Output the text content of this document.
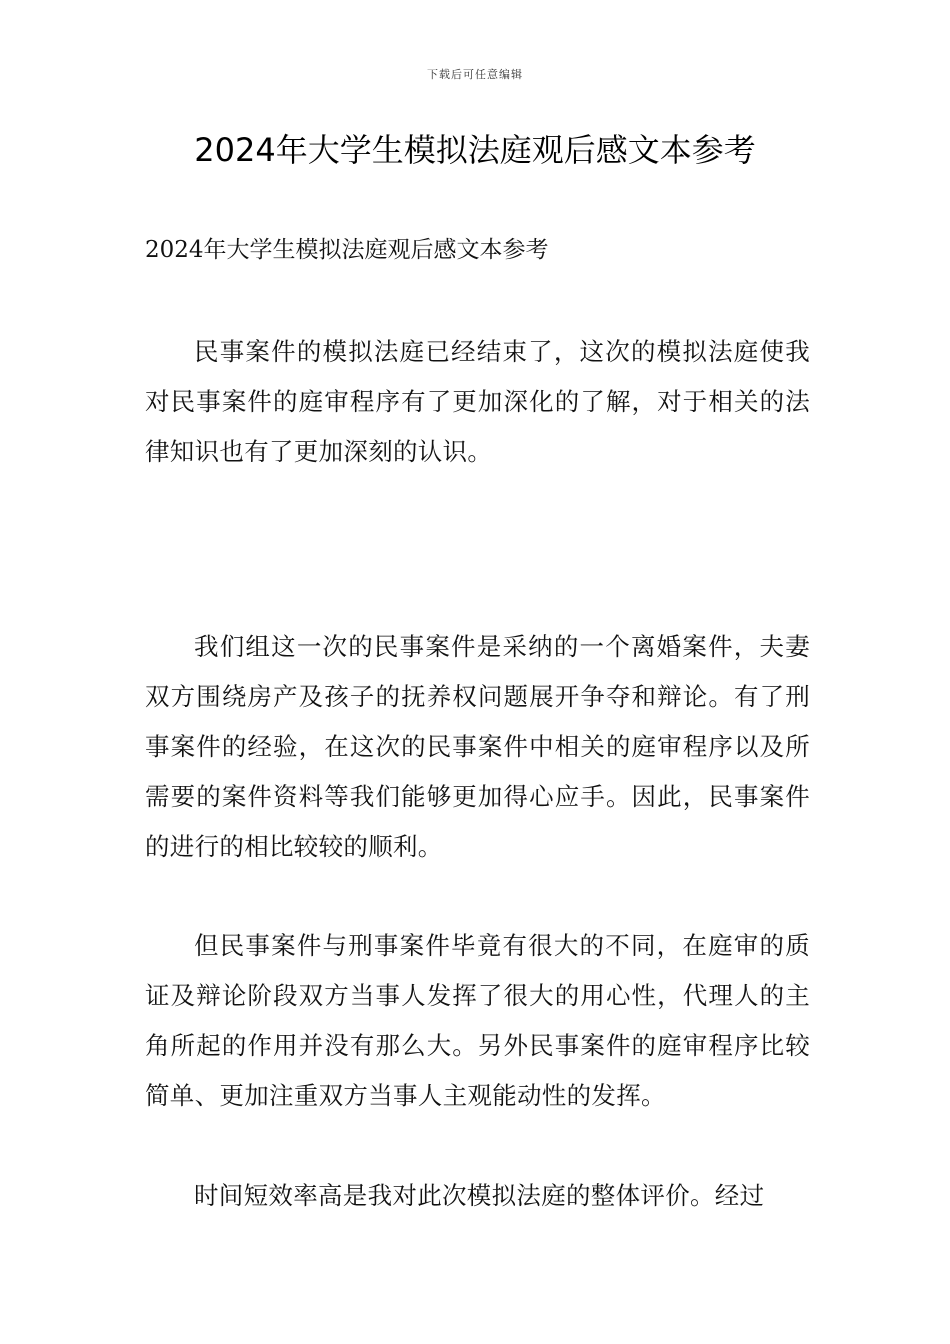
下载后可任意编辑
2024年大学生模拟法庭观后感文本参考

2024年大学生模拟法庭观后感文本参考

民事案件的模拟法庭已经结束了，这次的模拟法庭使我对民事案件的庭审程序有了更加深化的了解，对于相关的法律知识也有了更加深刻的认识。

我们组这一次的民事案件是采纳的一个离婚案件，夫妻双方围绕房产及孩子的抚养权问题展开争夺和辩论。有了刑事案件的经验，在这次的民事案件中相关的庭审程序以及所需要的案件资料等我们能够更加得心应手。因此，民事案件的进行的相比较较的顺利。

但民事案件与刑事案件毕竟有很大的不同，在庭审的质证及辩论阶段双方当事人发挥了很大的用心性，代理人的主角所起的作用并没有那么大。另外民事案件的庭审程序比较简单、更加注重双方当事人主观能动性的发挥。

时间短效率高是我对此次模拟法庭的整体评价。经过
